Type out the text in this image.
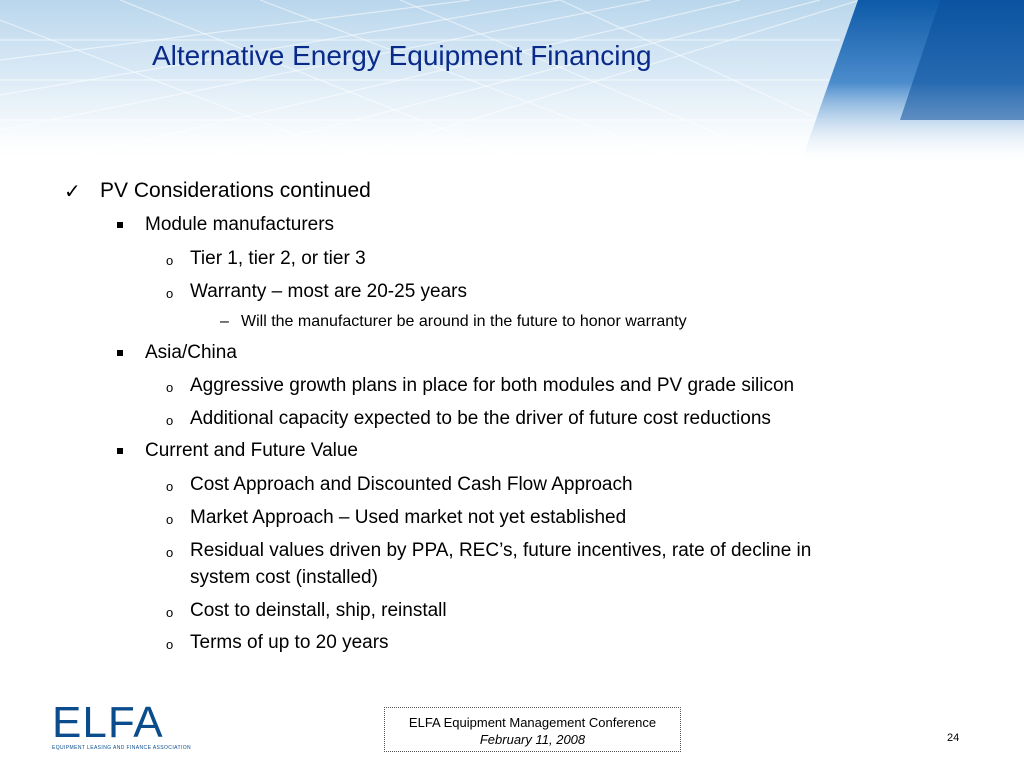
Alternative Energy Equipment Financing
✓ PV Considerations continued

Module manufacturers

o Tier 1, tier 2, or tier 3

o Warranty – most are 20-25 years

– Will the manufacturer be around in the future to honor warranty

Asia/China

o Aggressive growth plans in place for both modules and PV grade silicon

o Additional capacity expected to be the driver of future cost reductions

Current and Future Value

o Cost Approach and Discounted Cash Flow Approach

o Market Approach – Used market not yet established

o Residual values driven by PPA, REC’s, future incentives, rate of decline in

system cost (installed)

o Cost to deinstall, ship, reinstall

o Terms of up to 20 years

ELFA
EQUIPMENT LEASING AND FINANCE ASSOCIATION
ELFA Equipment Management Conference
February 11, 2008	24
